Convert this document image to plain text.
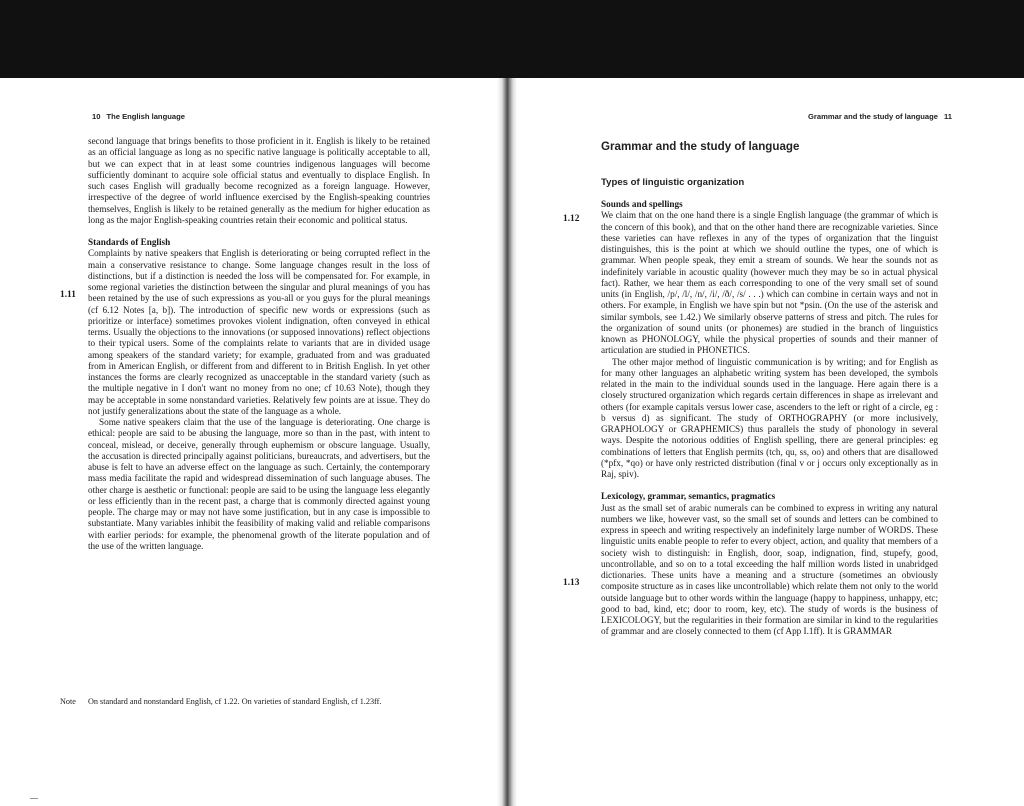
10 The English language
1.11

second language that brings benefits to those proficient in it. English is likely to be retained as an official language as long as no specific native language is politically acceptable to all, but we can expect that in at least some countries indigenous languages will become sufficiently dominant to acquire sole official status and eventually to displace English. In such cases English will gradually become recognized as a foreign language. However, irrespective of the degree of world influence exercised by the English-speaking countries themselves, English is likely to be retained generally as the medium for higher education as long as the major English-speaking countries retain their economic and political status.

Standards of English

Complaints by native speakers that English is deteriorating or being corrupted reflect in the main a conservative resistance to change. Some language changes result in the loss of distinctions, but if a distinction is needed the loss will be compensated for. For example, in some regional varieties the distinction between the singular and plural meanings of you has been retained by the use of such expressions as you-all or you guys for the plural meanings (cf 6.12 Notes [a, b]). The introduction of specific new words or expressions (such as prioritize or interface) sometimes provokes violent indignation, often conveyed in ethical terms. Usually the objections to the innovations (or supposed innovations) reflect objections to their typical users. Some of the complaints relate to variants that are in divided usage among speakers of the standard variety; for example, graduated from and was graduated from in American English, or different from and different to in British English. In yet other instances the forms are clearly recognized as unacceptable in the standard variety (such as the multiple negative in I don't want no money from no one; cf 10.63 Note), though they may be acceptable in some nonstandard varieties. Relatively few points are at issue. They do not justify generalizations about the state of the language as a whole.

Some native speakers claim that the use of the language is deteriorating. One charge is ethical: people are said to be abusing the language, more so than in the past, with intent to conceal, mislead, or deceive, generally through euphemism or obscure language. Usually, the accusation is directed principally against politicians, bureaucrats, and advertisers, but the abuse is felt to have an adverse effect on the language as such. Certainly, the contemporary mass media facilitate the rapid and widespread dissemination of such language abuses. The other charge is aesthetic or functional: people are said to be using the language less elegantly or less efficiently than in the recent past, a charge that is commonly directed against young people. The charge may or may not have some justification, but in any case is impossible to substantiate. Many variables inhibit the feasibility of making valid and reliable comparisons with earlier periods: for example, the phenomenal growth of the literate population and of the use of the written language.

Note On standard and nonstandard English, cf 1.22. On varieties of standard English, cf 1.23ff.
Grammar and the study of language 11
1.12
1.13
Grammar and the study of language
Types of linguistic organization

Sounds and spellings

We claim that on the one hand there is a single English language (the grammar of which is the concern of this book), and that on the other hand there are recognizable varieties. Since these varieties can have reflexes in any of the types of organization that the linguist distinguishes, this is the point at which we should outline the types, one of which is grammar. When people speak, they emit a stream of sounds. We hear the sounds not as indefinitely variable in acoustic quality (however much they may be so in actual physical fact). Rather, we hear them as each corresponding to one of the very small set of sound units (in English, /p/, /l/, /n/, /i/, /ð/, /s/ . . .) which can combine in certain ways and not in others. For example, in English we have spin but not *psin. (On the use of the asterisk and similar symbols, see 1.42.) We similarly observe patterns of stress and pitch. The rules for the organization of sound units (or phonemes) are studied in the branch of linguistics known as PHONOLOGY, while the physical properties of sounds and their manner of articulation are studied in PHONETICS.

The other major method of linguistic communication is by writing; and for English as for many other languages an alphabetic writing system has been developed, the symbols related in the main to the individual sounds used in the language. Here again there is a closely structured organization which regards certain differences in shape as irrelevant and others (for example capitals versus lower case, ascenders to the left or right of a circle, eg : b versus d) as significant. The study of ORTHOGRAPHY (or more inclusively, GRAPHOLOGY or GRAPHEMICS) thus parallels the study of phonology in several ways. Despite the notorious oddities of English spelling, there are general principles: eg combinations of letters that English permits (tch, qu, ss, oo) and others that are disallowed (*pfx, *qo) or have only restricted distribution (final v or j occurs only exceptionally as in Raj, spiv).

Lexicology, grammar, semantics, pragmatics

Just as the small set of arabic numerals can be combined to express in writing any natural numbers we like, however vast, so the small set of sounds and letters can be combined to express in speech and writing respectively an indefinitely large number of WORDS. These linguistic units enable people to refer to every object, action, and quality that members of a society wish to distinguish: in English, door, soap, indignation, find, stupefy, good, uncontrollable, and so on to a total exceeding the half million words listed in unabridged dictionaries. These units have a meaning and a structure (sometimes an obviously composite structure as in cases like uncontrollable) which relate them not only to the world outside language but to other words within the language (happy to happiness, unhappy, etc; good to bad, kind, etc; door to room, key, etc). The study of words is the business of LEXICOLOGY, but the regularities in their formation are similar in kind to the regularities of grammar and are closely connected to them (cf App I.1ff). It is GRAMMAR
